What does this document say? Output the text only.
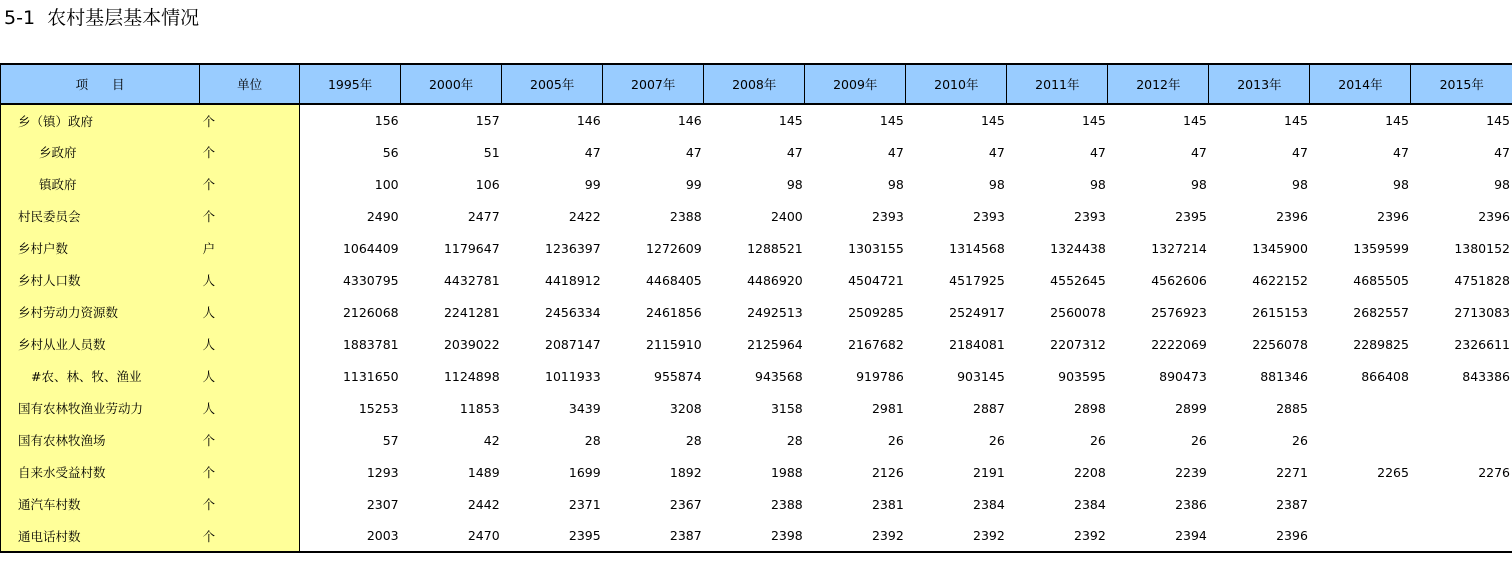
5-1  农村基层基本情况
项      目	单位	1995年	2000年	2005年	2007年	2008年	2009年	2010年	2011年	2012年	2013年	2014年	2015年
乡（镇）政府	个	156	157	146	146	145	145	145	145	145	145	145	145
乡政府	个	56	51	47	47	47	47	47	47	47	47	47	47
镇政府	个	100	106	99	99	98	98	98	98	98	98	98	98
村民委员会	个	2490	2477	2422	2388	2400	2393	2393	2393	2395	2396	2396	2396
乡村户数	户	1064409	1179647	1236397	1272609	1288521	1303155	1314568	1324438	1327214	1345900	1359599	1380152
乡村人口数	人	4330795	4432781	4418912	4468405	4486920	4504721	4517925	4552645	4562606	4622152	4685505	4751828
乡村劳动力资源数	人	2126068	2241281	2456334	2461856	2492513	2509285	2524917	2560078	2576923	2615153	2682557	2713083
乡村从业人员数	人	1883781	2039022	2087147	2115910	2125964	2167682	2184081	2207312	2222069	2256078	2289825	2326611
#农、林、牧、渔业	人	1131650	1124898	1011933	955874	943568	919786	903145	903595	890473	881346	866408	843386
国有农林牧渔业劳动力	人	15253	11853	3439	3208	3158	2981	2887	2898	2899	2885		
国有农林牧渔场	个	57	42	28	28	28	26	26	26	26	26		
自来水受益村数	个	1293	1489	1699	1892	1988	2126	2191	2208	2239	2271	2265	2276
通汽车村数	个	2307	2442	2371	2367	2388	2381	2384	2384	2386	2387		
通电话村数	个	2003	2470	2395	2387	2398	2392	2392	2392	2394	2396		
